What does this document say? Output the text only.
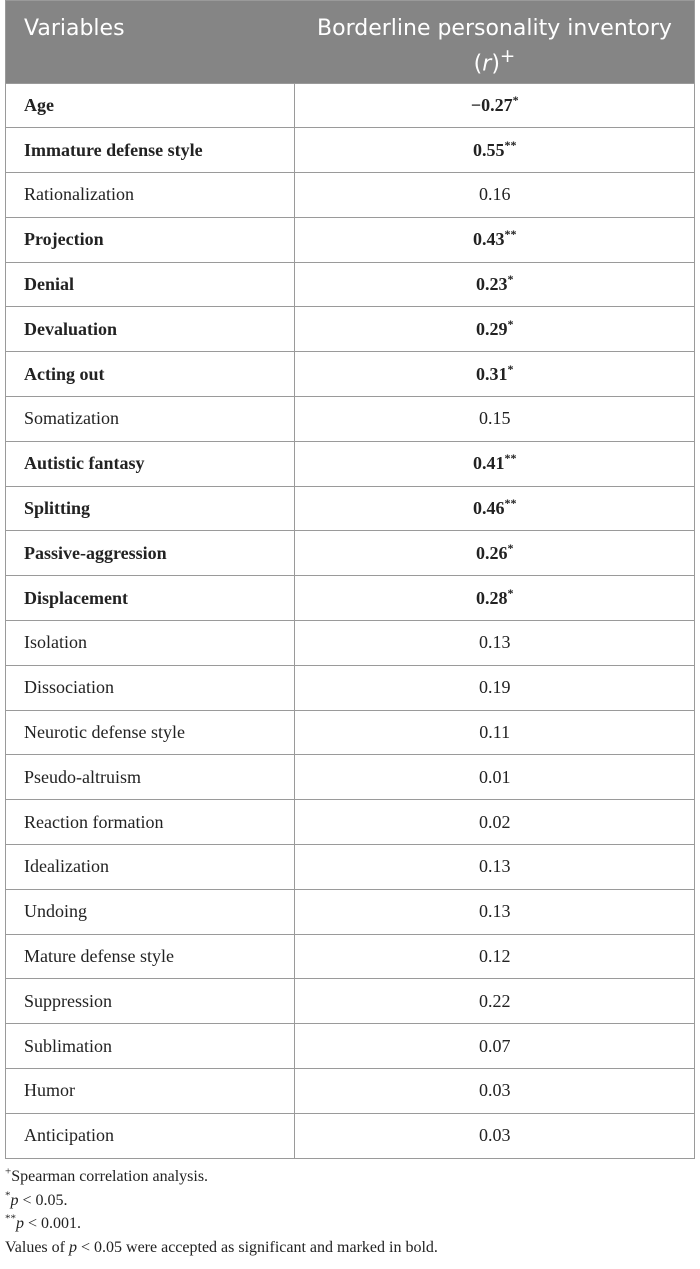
Variables	Borderline personality inventory
(r)+
Age	−0.27*
Immature defense style	0.55**
Rationalization	0.16
Projection	0.43**
Denial	0.23*
Devaluation	0.29*
Acting out	0.31*
Somatization	0.15
Autistic fantasy	0.41**
Splitting	0.46**
Passive-aggression	0.26*
Displacement	0.28*
Isolation	0.13
Dissociation	0.19
Neurotic defense style	0.11
Pseudo-altruism	0.01
Reaction formation	0.02
Idealization	0.13
Undoing	0.13
Mature defense style	0.12
Suppression	0.22
Sublimation	0.07
Humor	0.03
Anticipation	0.03
+Spearman correlation analysis.
*p < 0.05.
**p < 0.001.
Values of p < 0.05 were accepted as significant and marked in bold.
